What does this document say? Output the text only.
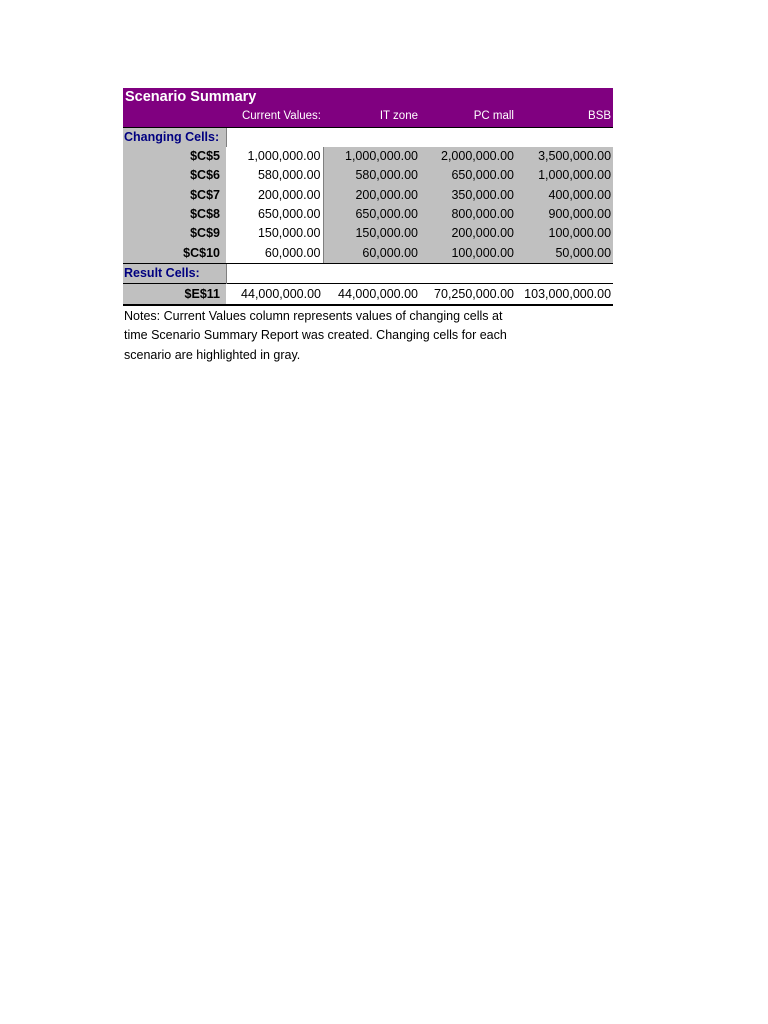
Scenario Summary				
	Current Values:	IT zone	PC mall	BSB
Changing Cells:				
$C$5	1,000,000.00	1,000,000.00	2,000,000.00	3,500,000.00
$C$6	580,000.00	580,000.00	650,000.00	1,000,000.00
$C$7	200,000.00	200,000.00	350,000.00	400,000.00
$C$8	650,000.00	650,000.00	800,000.00	900,000.00
$C$9	150,000.00	150,000.00	200,000.00	100,000.00
$C$10	60,000.00	60,000.00	100,000.00	50,000.00
Result Cells:				
$E$11	44,000,000.00	44,000,000.00	70,250,000.00	103,000,000.00
Notes: Current Values column represents values of changing cells at
time Scenario Summary Report was created. Changing cells for each
scenario are highlighted in gray.
